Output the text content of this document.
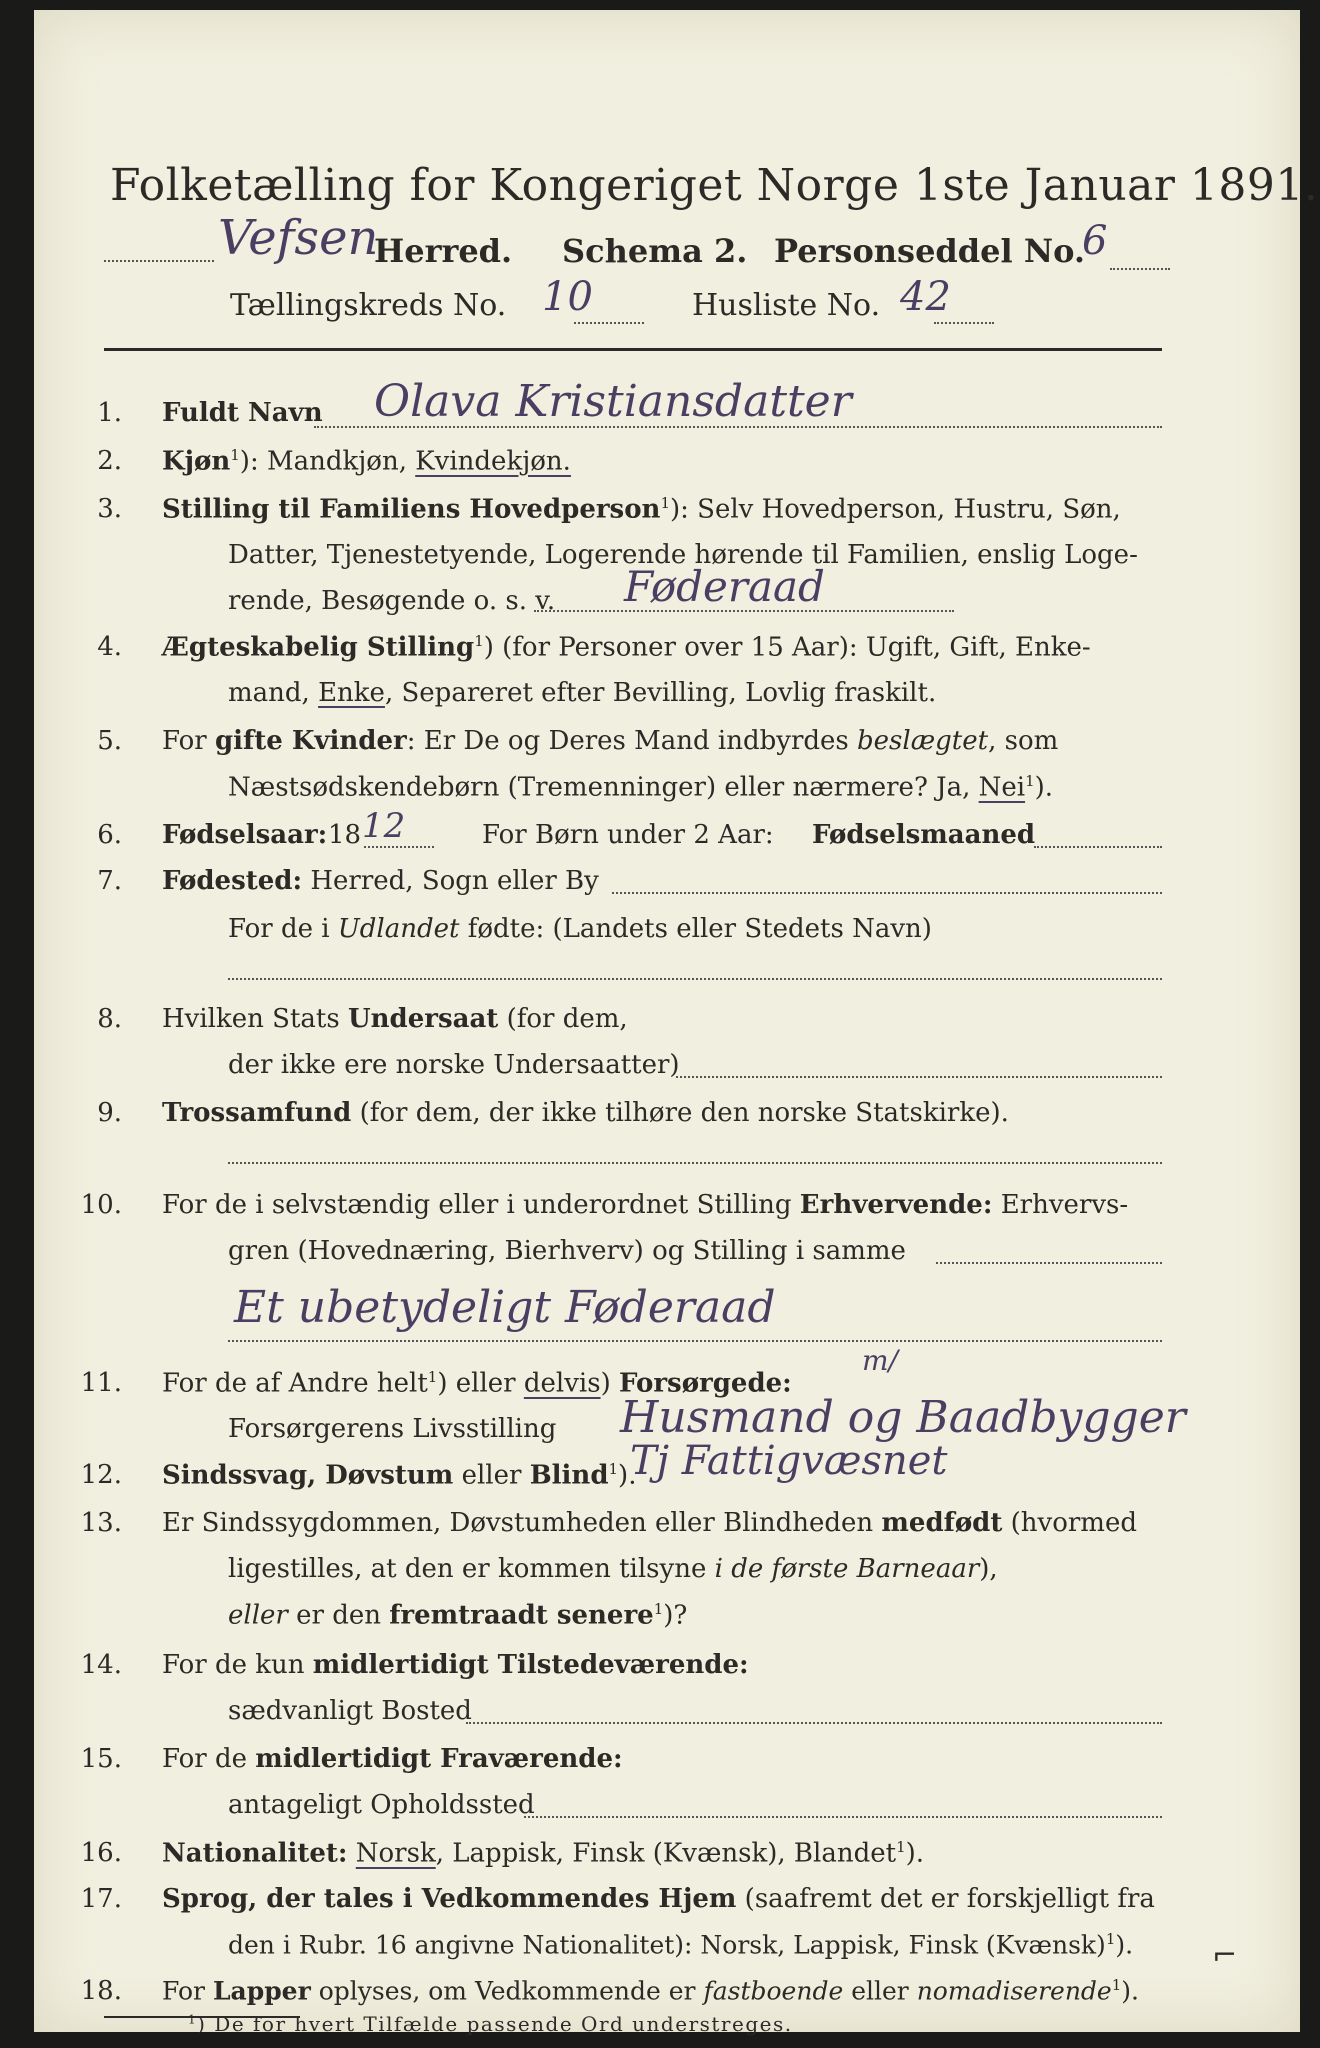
Folketælling for Kongeriget Norge 1ste Januar 1891.
Vefsen
Herred. Schema 2. Personseddel No.
6
Tællingskreds No. 10	Husliste No. 42
1. Fuldt Navn Olava Kristiansdatter
2. Kjøn$^1$): Mandkjøn, Kvindekjøn.
3. Stilling til Familiens Hovedperson$^1$): Selv Hovedperson, Hustru, Søn,
Datter, Tjenestetyende, Logerende hørende til Familien, enslig Loge-
rende, Besøgende o. s. v. Føderaad
4. Ægteskabelig Stilling$^1$) (for Personer over 15 Aar): Ugift, Gift, Enke-
mand, Enke, Separeret efter Bevilling, Lovlig fraskilt.
5. For gifte Kvinder: Er De og Deres Mand indbyrdes beslægtet, som
Næstsødskendebørn (Tremenninger) eller nærmere? Ja, Nei$^1$).
6. Fødselsaar: 18 12	For Børn under 2 Aar: Fødselsmaaned
7. Fødested: Herred, Sogn eller By
For de i Udlandet fødte: (Landets eller Stedets Navn)
8. Hvilken Stats Undersaat (for dem,
der ikke ere norske Undersaatter)
9. Trossamfund (for dem, der ikke tilhøre den norske Statskirke).
10. For de i selvstændig eller i underordnet Stilling Erhvervende: Erhvervs-
gren (Hovednæring, Bierhverv) og Stilling i samme
Et ubetydeligt Føderaad
11. For de af Andre helt$^1$) eller delvis) Forsørgede:
m/
Forsørgerens Livsstilling Husmand og Baadbygger
12. Sindssvag, Døvstum eller Blind$^1$).
Tj Fattigvæsnet
13. Er Sindssygdommen, Døvstumheden eller Blindheden medfødt (hvormed
ligestilles, at den er kommen tilsyne i de første Barneaar),
eller er den fremtraadt senere$^1$)?
14. For de kun midlertidigt Tilstedeværende:
sædvanligt Bosted
15. For de midlertidigt Fraværende:
antageligt Opholdssted
16. Nationalitet: Norsk, Lappisk, Finsk (Kvænsk), Blandet$^1$).
17. Sprog, der tales i Vedkommendes Hjem (saafremt det er forskjelligt fra
den i Rubr. 16 angivne Nationalitet): Norsk, Lappisk, Finsk (Kvænsk)$^1$).
18. For Lapper oplyses, om Vedkommende er fastboende eller nomadiserende$^1$).
⌐
$^1$) De for hvert Tilfælde passende Ord understreges.
